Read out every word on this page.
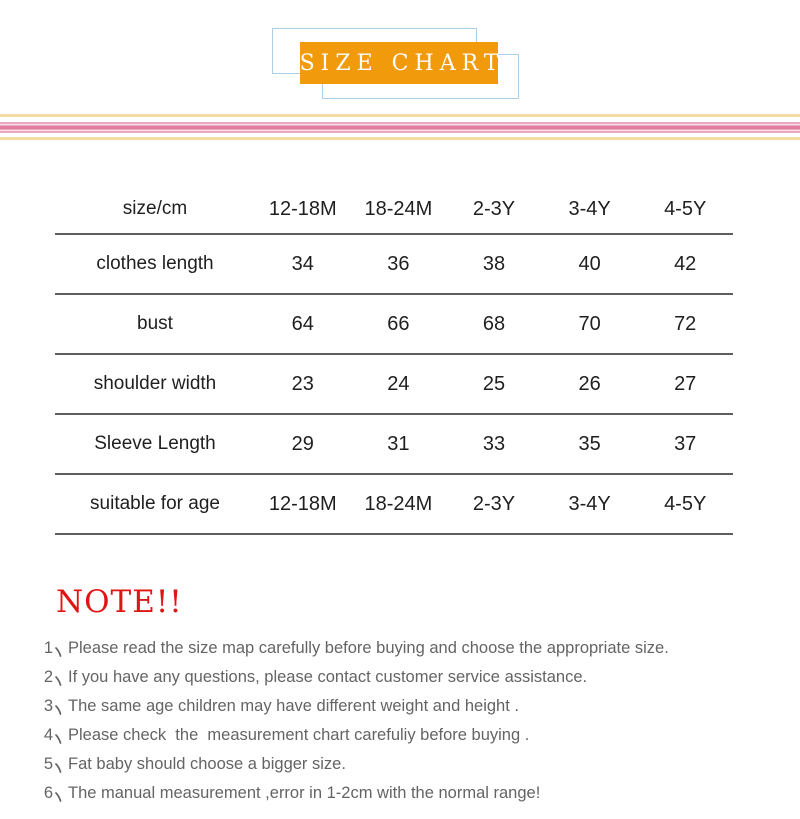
SIZE CHART
size/cm	12-18M	18-24M	2-3Y	3-4Y	4-5Y
clothes length	34	36	38	40	42
bust	64	66	68	70	72
shoulder width	23	24	25	26	27
Sleeve Length	29	31	33	35	37
suitable for age	12-18M	18-24M	2-3Y	3-4Y	4-5Y
NOTE!!
1 Please read the size map carefully before buying and choose the appropriate size.
2 If you have any questions, please contact customer service assistance.
3 The same age children may have different weight and height .
4 Please check  the  measurement chart carefuliy before buying .
5 Fat baby should choose a bigger size.
6 The manual measurement ,error in 1-2cm with the normal range!
